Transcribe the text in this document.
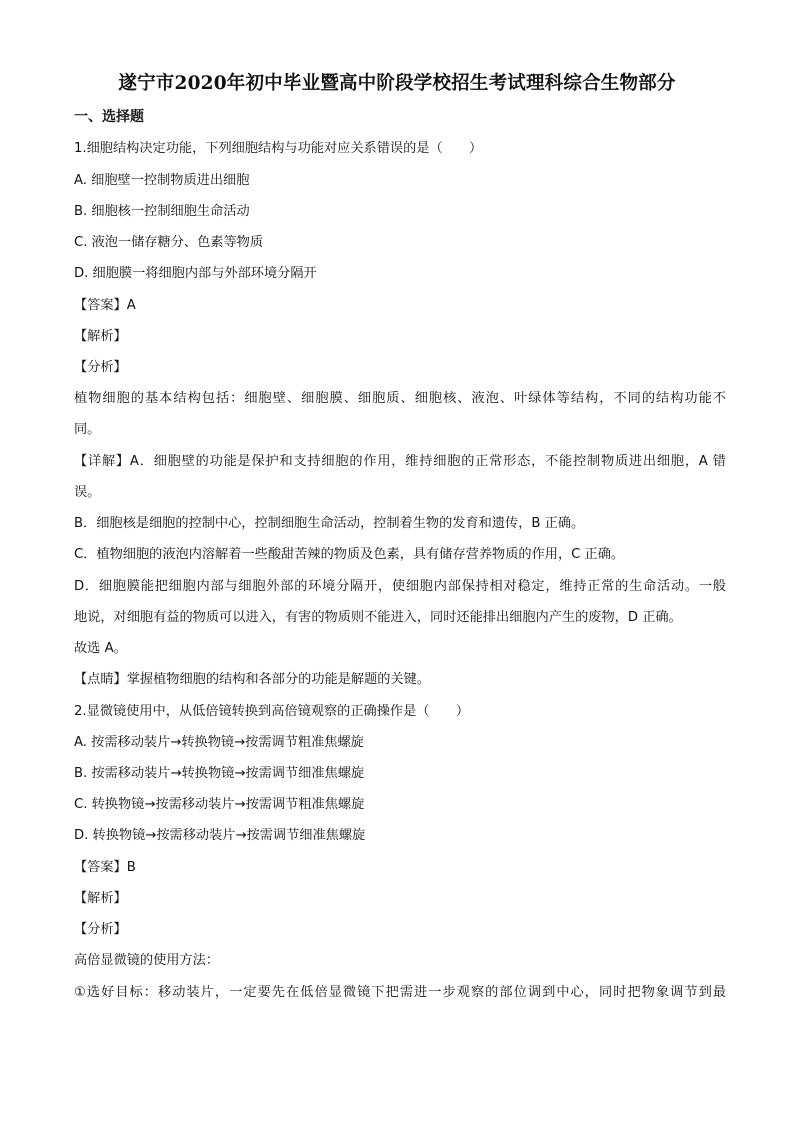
遂宁市2020年初中毕业暨高中阶段学校招生考试理科综合生物部分
一、选择题
1.细胞结构决定功能，下列细胞结构与功能对应关系错误的是（　　）
A. 细胞壁一控制物质进出细胞
B. 细胞核一控制细胞生命活动
C. 液泡一储存糖分、色素等物质
D. 细胞膜一将细胞内部与外部环境分隔开
【答案】A
【解析】
【分析】
植物细胞的基本结构包括：细胞壁、细胞膜、细胞质、细胞核、液泡、叶绿体等结构，不同的结构功能不
同。
【详解】A．细胞壁的功能是保护和支持细胞的作用，维持细胞的正常形态，不能控制物质进出细胞，A 错
误。
B．细胞核是细胞的控制中心，控制细胞生命活动，控制着生物的发育和遗传，B 正确。
C．植物细胞的液泡内溶解着一些酸甜苦辣的物质及色素，具有储存营养物质的作用，C 正确。
D．细胞膜能把细胞内部与细胞外部的环境分隔开，使细胞内部保持相对稳定，维持正常的生命活动。一般
地说，对细胞有益的物质可以进入，有害的物质则不能进入，同时还能排出细胞内产生的废物，D 正确。
故选 A。
【点睛】掌握植物细胞的结构和各部分的功能是解题的关键。
2.显微镜使用中，从低倍镜转换到高倍镜观察的正确操作是（　　）
A. 按需移动装片→转换物镜→按需调节粗准焦螺旋
B. 按需移动装片→转换物镜→按需调节细准焦螺旋
C. 转换物镜→按需移动装片→按需调节粗准焦螺旋
D. 转换物镜→按需移动装片→按需调节细准焦螺旋
【答案】B
【解析】
【分析】
高倍显微镜的使用方法：
①选好目标：移动装片，一定要先在低倍显微镜下把需进一步观察的部位调到中心，同时把物象调节到最
